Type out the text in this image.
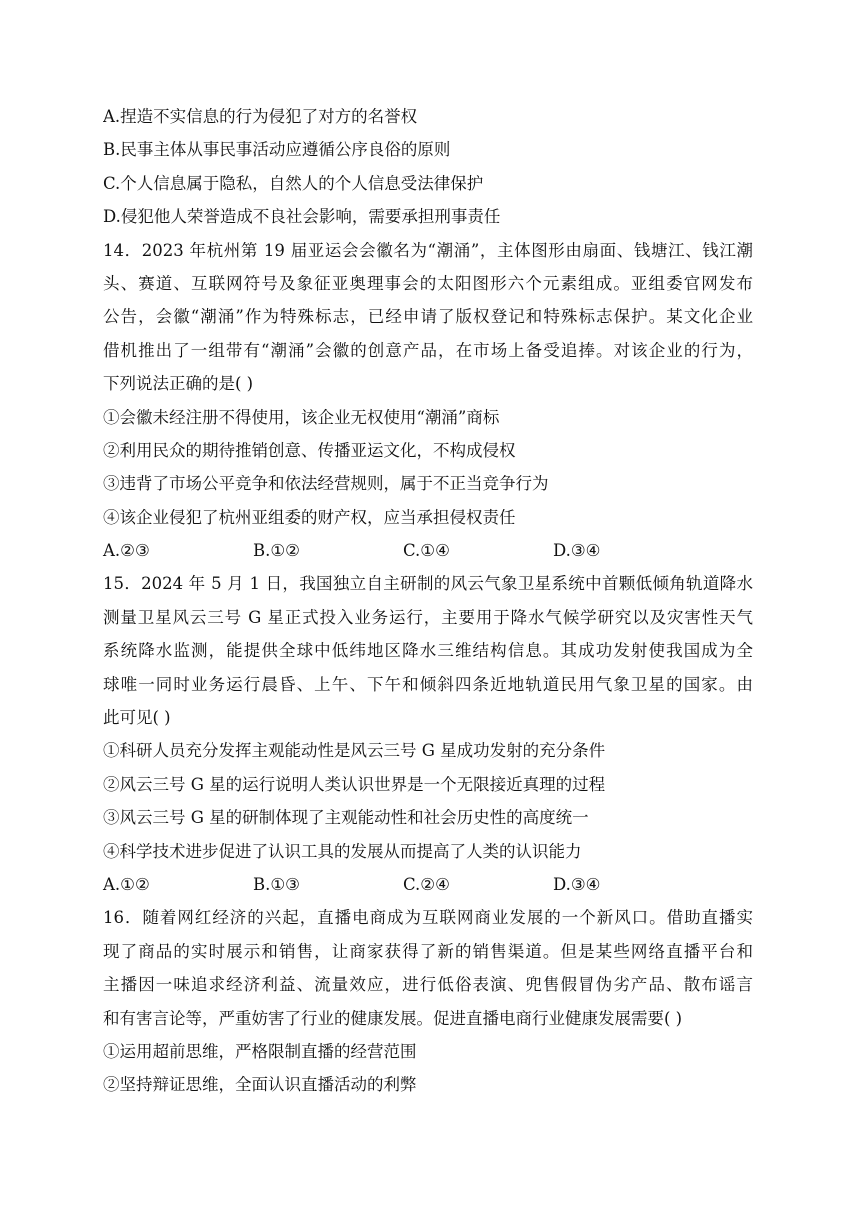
A.捏造不实信息的行为侵犯了对方的名誉权
B.民事主体从事民事活动应遵循公序良俗的原则
C.个人信息属于隐私，自然人的个人信息受法律保护
D.侵犯他人荣誉造成不良社会影响，需要承担刑事责任
14．2023 年杭州第 19 届亚运会会徽名为“潮涌”，主体图形由扇面、钱塘江、钱江潮
头、赛道、互联网符号及象征亚奥理事会的太阳图形六个元素组成。亚组委官网发布
公告，会徽“潮涌”作为特殊标志，已经申请了版权登记和特殊标志保护。某文化企业
借机推出了一组带有“潮涌”会徽的创意产品，在市场上备受追捧。对该企业的行为，
下列说法正确的是( )
①会徽未经注册不得使用，该企业无权使用“潮涌”商标
②利用民众的期待推销创意、传播亚运文化，不构成侵权
③违背了市场公平竞争和依法经营规则，属于不正当竞争行为
④该企业侵犯了杭州亚组委的财产权，应当承担侵权责任
A.②③	B.①②	C.①④	D.③④
15．2024 年 5 月 1 日，我国独立自主研制的风云气象卫星系统中首颗低倾角轨道降水
测量卫星风云三号 G 星正式投入业务运行，主要用于降水气候学研究以及灾害性天气
系统降水监测，能提供全球中低纬地区降水三维结构信息。其成功发射使我国成为全
球唯一同时业务运行晨昏、上午、下午和倾斜四条近地轨道民用气象卫星的国家。由
此可见( )
①科研人员充分发挥主观能动性是风云三号 G 星成功发射的充分条件
②风云三号 G 星的运行说明人类认识世界是一个无限接近真理的过程
③风云三号 G 星的研制体现了主观能动性和社会历史性的高度统一
④科学技术进步促进了认识工具的发展从而提高了人类的认识能力
A.①②	B.①③	C.②④	D.③④
16．随着网红经济的兴起，直播电商成为互联网商业发展的一个新风口。借助直播实
现了商品的实时展示和销售，让商家获得了新的销售渠道。但是某些网络直播平台和
主播因一味追求经济利益、流量效应，进行低俗表演、兜售假冒伪劣产品、散布谣言
和有害言论等，严重妨害了行业的健康发展。促进直播电商行业健康发展需要( )
①运用超前思维，严格限制直播的经营范围
②坚持辩证思维，全面认识直播活动的利弊
